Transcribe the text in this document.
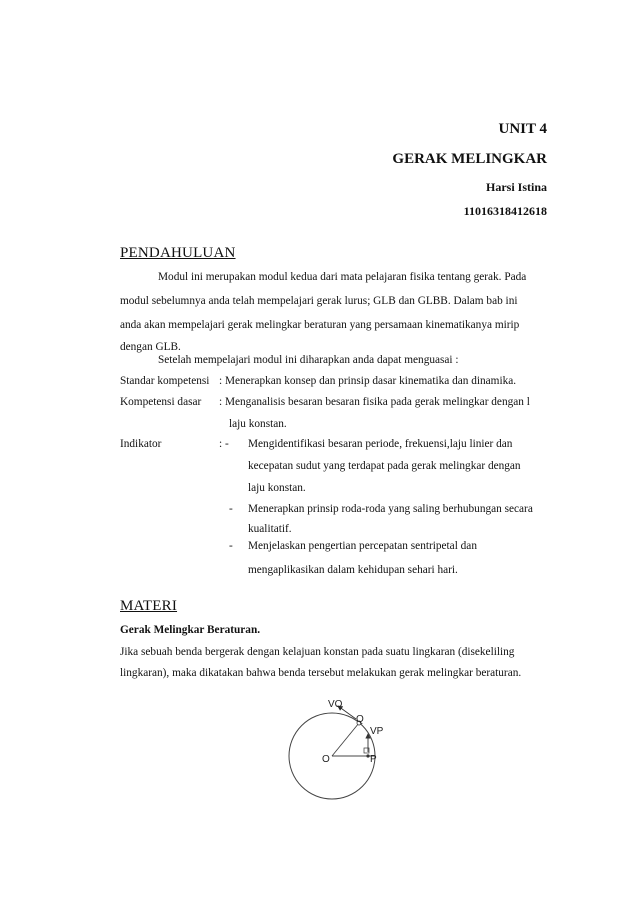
UNIT 4
GERAK MELINGKAR
Harsi Istina
11016318412618
PENDAHULUAN
Modul ini merupakan modul kedua dari mata pelajaran fisika tentang gerak. Pada
modul sebelumnya anda telah mempelajari gerak lurus; GLB dan GLBB. Dalam bab ini
anda akan mempelajari gerak melingkar beraturan yang persamaan kinematikanya mirip
dengan GLB.
Setelah mempelajari modul ini diharapkan anda dapat menguasai :
Standar kompetensi : Menerapkan konsep dan prinsip dasar kinematika dan dinamika.
Kompetensi dasar : Menganalisis besaran besaran fisika pada gerak melingkar dengan l
laju konstan.
Indikator	: - Mengidentifikasi besaran periode, frekuensi,laju linier dan
kecepatan sudut yang terdapat pada gerak melingkar dengan
laju konstan.
- Menerapkan prinsip roda-roda yang saling berhubungan secara
kualitatif.
- Menjelaskan pengertian percepatan sentripetal dan
mengaplikasikan dalam kehidupan sehari hari.
MATERI
Gerak Melingkar Beraturan.
Jika sebuah benda bergerak dengan kelajuan konstan pada suatu lingkaran (disekeliling
lingkaran), maka dikatakan bahwa benda tersebut melakukan gerak melingkar beraturan.
VQ
Q
VP
O	P
